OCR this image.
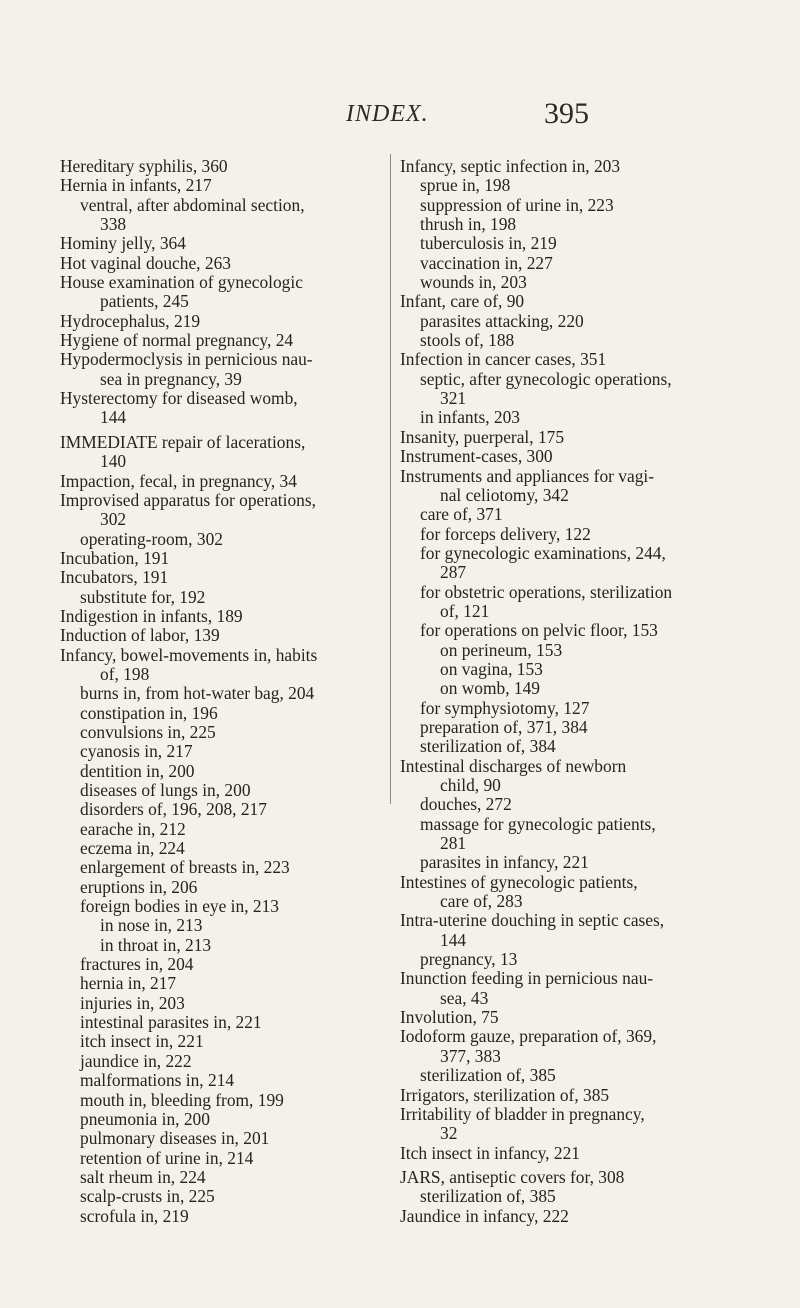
INDEX.	395
Hereditary syphilis, 360
Hernia in infants, 217
ventral, after abdominal section,
338
Hominy jelly, 364
Hot vaginal douche, 263
House examination of gynecologic
patients, 245
Hydrocephalus, 219
Hygiene of normal pregnancy, 24
Hypodermoclysis in pernicious nau-
sea in pregnancy, 39
Hysterectomy for diseased womb,
144
IMMEDIATE repair of lacerations,
140
Impaction, fecal, in pregnancy, 34
Improvised apparatus for operations,
302
operating-room, 302
Incubation, 191
Incubators, 191
substitute for, 192
Indigestion in infants, 189
Induction of labor, 139
Infancy, bowel-movements in, habits
of, 198
burns in, from hot-water bag, 204
constipation in, 196
convulsions in, 225
cyanosis in, 217
dentition in, 200
diseases of lungs in, 200
disorders of, 196, 208, 217
earache in, 212
eczema in, 224
enlargement of breasts in, 223
eruptions in, 206
foreign bodies in eye in, 213
in nose in, 213
in throat in, 213
fractures in, 204
hernia in, 217
injuries in, 203
intestinal parasites in, 221
itch insect in, 221
jaundice in, 222
malformations in, 214
mouth in, bleeding from, 199
pneumonia in, 200
pulmonary diseases in, 201
retention of urine in, 214
salt rheum in, 224
scalp-crusts in, 225
scrofula in, 219
Infancy, septic infection in, 203
sprue in, 198
suppression of urine in, 223
thrush in, 198
tuberculosis in, 219
vaccination in, 227
wounds in, 203
Infant, care of, 90
parasites attacking, 220
stools of, 188
Infection in cancer cases, 351
septic, after gynecologic operations,
321
in infants, 203
Insanity, puerperal, 175
Instrument-cases, 300
Instruments and appliances for vagi-
nal celiotomy, 342
care of, 371
for forceps delivery, 122
for gynecologic examinations, 244,
287
for obstetric operations, sterilization
of, 121
for operations on pelvic floor, 153
on perineum, 153
on vagina, 153
on womb, 149
for symphysiotomy, 127
preparation of, 371, 384
sterilization of, 384
Intestinal discharges of newborn
child, 90
douches, 272
massage for gynecologic patients,
281
parasites in infancy, 221
Intestines of gynecologic patients,
care of, 283
Intra-uterine douching in septic cases,
144
pregnancy, 13
Inunction feeding in pernicious nau-
sea, 43
Involution, 75
Iodoform gauze, preparation of, 369,
377, 383
sterilization of, 385
Irrigators, sterilization of, 385
Irritability of bladder in pregnancy,
32
Itch insect in infancy, 221
JARS, antiseptic covers for, 308
sterilization of, 385
Jaundice in infancy, 222
